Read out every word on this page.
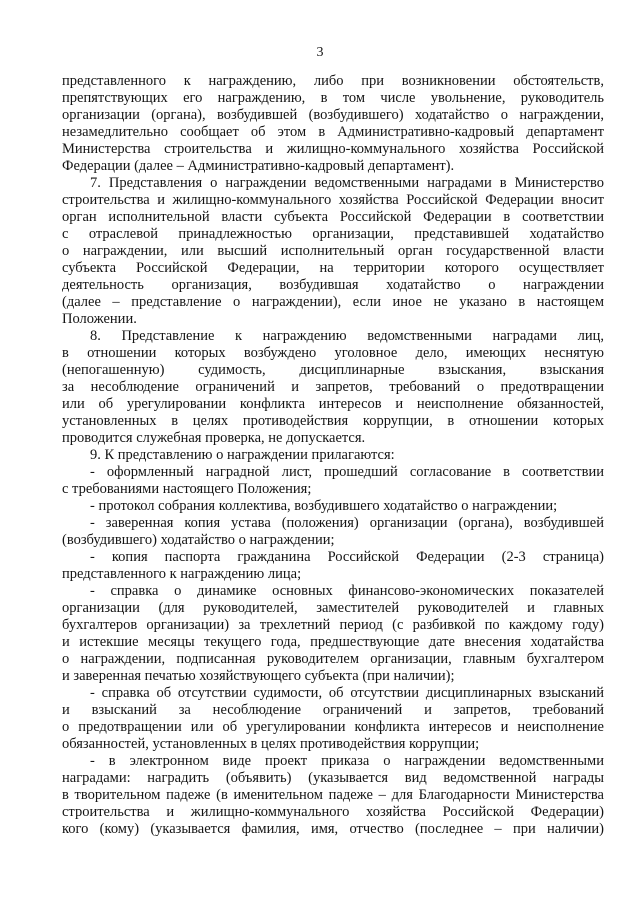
3
представленного к награждению, либо при возникновении обстоятельств,
препятствующих его награждению, в том числе увольнение, руководитель
организации (органа), возбудившей (возбудившего) ходатайство о награждении,
незамедлительно сообщает об этом в Административно-кадровый департамент
Министерства строительства и жилищно-коммунального хозяйства Российской
Федерации (далее – Административно-кадровый департамент).
7. Представления о награждении ведомственными наградами в Министерство
строительства и жилищно-коммунального хозяйства Российской Федерации вносит
орган исполнительной власти субъекта Российской Федерации в соответствии
с отраслевой принадлежностью организации, представившей ходатайство
о награждении, или высший исполнительный орган государственной власти
субъекта Российской Федерации, на территории которого осуществляет
деятельность организация, возбудившая ходатайство о награждении
(далее – представление о награждении), если иное не указано в настоящем
Положении.
8. Представление к награждению ведомственными наградами лиц,
в отношении которых возбуждено уголовное дело, имеющих неснятую
(непогашенную) судимость, дисциплинарные взыскания, взыскания
за несоблюдение ограничений и запретов, требований о предотвращении
или об урегулировании конфликта интересов и неисполнение обязанностей,
установленных в целях противодействия коррупции, в отношении которых
проводится служебная проверка, не допускается.
9. К представлению о награждении прилагаются:
- оформленный наградной лист, прошедший согласование в соответствии
с требованиями настоящего Положения;
- протокол собрания коллектива, возбудившего ходатайство о награждении;
- заверенная копия устава (положения) организации (органа), возбудившей
(возбудившего) ходатайство о награждении;
- копия паспорта гражданина Российской Федерации (2-3 страница)
представленного к награждению лица;
- справка о динамике основных финансово-экономических показателей
организации (для руководителей, заместителей руководителей и главных
бухгалтеров организации) за трехлетний период (с разбивкой по каждому году)
и истекшие месяцы текущего года, предшествующие дате внесения ходатайства
о награждении, подписанная руководителем организации, главным бухгалтером
и заверенная печатью хозяйствующего субъекта (при наличии);
- справка об отсутствии судимости, об отсутствии дисциплинарных взысканий
и взысканий за несоблюдение ограничений и запретов, требований
о предотвращении или об урегулировании конфликта интересов и неисполнение
обязанностей, установленных в целях противодействия коррупции;
- в электронном виде проект приказа о награждении ведомственными
наградами: наградить (объявить) (указывается вид ведомственной награды
в творительном падеже (в именительном падеже – для Благодарности Министерства
строительства и жилищно-коммунального хозяйства Российской Федерации)
кого (кому) (указывается фамилия, имя, отчество (последнее – при наличии)
